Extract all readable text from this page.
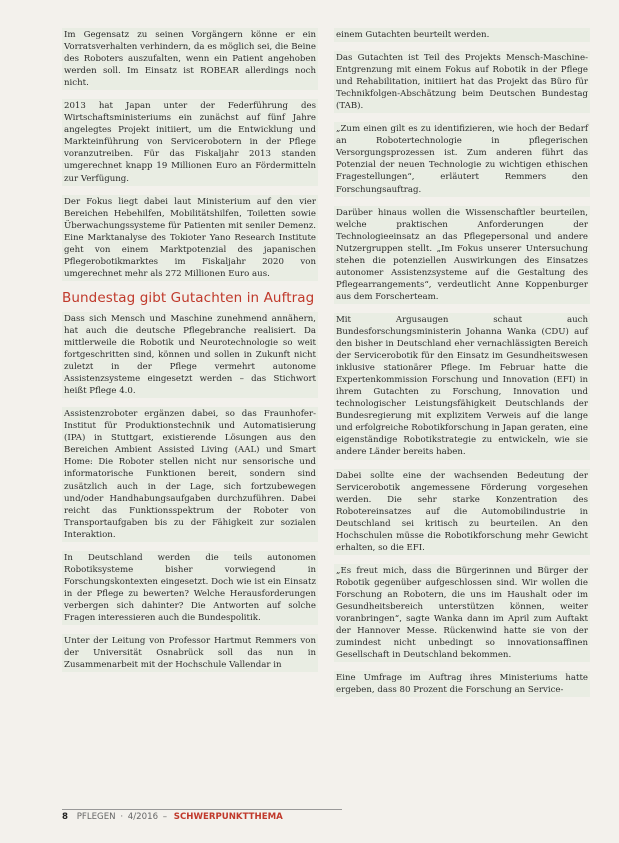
Im Gegensatz zu seinen Vorgängern könne er ein Vorratsverhalten verhindern, da es möglich sei, die Beine des Roboters auszufalten, wenn ein Patient angehoben werden soll. Im Einsatz ist ROBEAR allerdings noch nicht.

2013 hat Japan unter der Federführung des Wirtschaftsministeriums ein zunächst auf fünf Jahre angelegtes Projekt initiiert, um die Entwicklung und Markteinführung von Servicerobotern in der Pflege voranzutreiben. Für das Fiskaljahr 2013 standen umgerechnet knapp 19 Millionen Euro an Fördermitteln zur Verfügung.

Der Fokus liegt dabei laut Ministerium auf den vier Bereichen Hebehilfen, Mobilitätshilfen, Toiletten sowie Überwachungssysteme für Patienten mit seniler Demenz. Eine Marktanalyse des Tokioter Yano Research Institute geht von einem Marktpotenzial des japanischen Pflegerobotikmarktes im Fiskaljahr 2020 von umgerechnet mehr als 272 Millionen Euro aus.

Bundestag gibt Gutachten in Auftrag

Dass sich Mensch und Maschine zunehmend annähern, hat auch die deutsche Pflegebranche realisiert. Da mittlerweile die Robotik und Neurotechnologie so weit fortgeschritten sind, können und sollen in Zukunft nicht zuletzt in der Pflege vermehrt autonome Assistenzsysteme eingesetzt werden – das Stichwort heißt Pflege 4.0.

Assistenzroboter ergänzen dabei, so das Fraunhofer-Institut für Produktionstechnik und Automatisierung (IPA) in Stuttgart, existierende Lösungen aus den Bereichen Ambient Assisted Living (AAL) und Smart Home: Die Roboter stellen nicht nur sensorische und informatorische Funktionen bereit, sondern sind zusätzlich auch in der Lage, sich fortzubewegen und/oder Handhabungsaufgaben durchzuführen. Dabei reicht das Funktionsspektrum der Roboter von Transportaufgaben bis zu der Fähigkeit zur sozialen Interaktion.

In Deutschland werden die teils autonomen Robotiksysteme bisher vorwiegend in Forschungskontexten eingesetzt. Doch wie ist ein Einsatz in der Pflege zu bewerten? Welche Herausforderungen verbergen sich dahinter? Die Antworten auf solche Fragen interessieren auch die Bundespolitik.

Unter der Leitung von Professor Hartmut Remmers von der Universität Osnabrück soll das nun in Zusammenarbeit mit der Hochschule Vallendar in

einem Gutachten beurteilt werden.

Das Gutachten ist Teil des Projekts Mensch-Maschine-Entgrenzung mit einem Fokus auf Robotik in der Pflege und Rehabilitation, initiiert hat das Projekt das Büro für Technikfolgen-Abschätzung beim Deutschen Bundestag (TAB).

„Zum einen gilt es zu identifizieren, wie hoch der Bedarf an Robotertechnologie in pflegerischen Versorgungsprozessen ist. Zum anderen führt das Potenzial der neuen Technologie zu wichtigen ethischen Fragestellungen“, erläutert Remmers den Forschungsauftrag.

Darüber hinaus wollen die Wissenschaftler beurteilen, welche praktischen Anforderungen der Technologieeinsatz an das Pflegepersonal und andere Nutzergruppen stellt. „Im Fokus unserer Untersuchung stehen die potenziellen Auswirkungen des Einsatzes autonomer Assistenzsysteme auf die Gestaltung des Pflegearrangements“, verdeutlicht Anne Koppenburger aus dem Forscherteam.

Mit Argusaugen schaut auch Bundesforschungsministerin Johanna Wanka (CDU) auf den bisher in Deutschland eher vernachlässigten Bereich der Servicerobotik für den Einsatz im Gesundheitswesen inklusive stationärer Pflege. Im Februar hatte die Expertenkommission Forschung und Innovation (EFI) in ihrem Gutachten zu Forschung, Innovation und technologischer Leistungsfähigkeit Deutschlands der Bundesregierung mit explizitem Verweis auf die lange und erfolgreiche Robotikforschung in Japan geraten, eine eigenständige Robotikstrategie zu entwickeln, wie sie andere Länder bereits haben.

Dabei sollte eine der wachsenden Bedeutung der Servicerobotik angemessene Förderung vorgesehen werden. Die sehr starke Konzentration des Robotereinsatzes auf die Automobilindustrie in Deutschland sei kritisch zu beurteilen. An den Hochschulen müsse die Robotikforschung mehr Gewicht erhalten, so die EFI.

„Es freut mich, dass die Bürgerinnen und Bürger der Robotik gegenüber aufgeschlossen sind. Wir wollen die Forschung an Robotern, die uns im Haushalt oder im Gesundheitsbereich unterstützen können, weiter voranbringen“, sagte Wanka dann im April zum Auftakt der Hannover Messe. Rückenwind hatte sie von der zumindest nicht unbedingt so innovationsaffinen Gesellschaft in Deutschland bekommen.

Eine Umfrage im Auftrag ihres Ministeriums hatte ergeben, dass 80 Prozent die Forschung an Service-

8 PFLEGEN · 4/2016 – SCHWERPUNKTTHEMA
